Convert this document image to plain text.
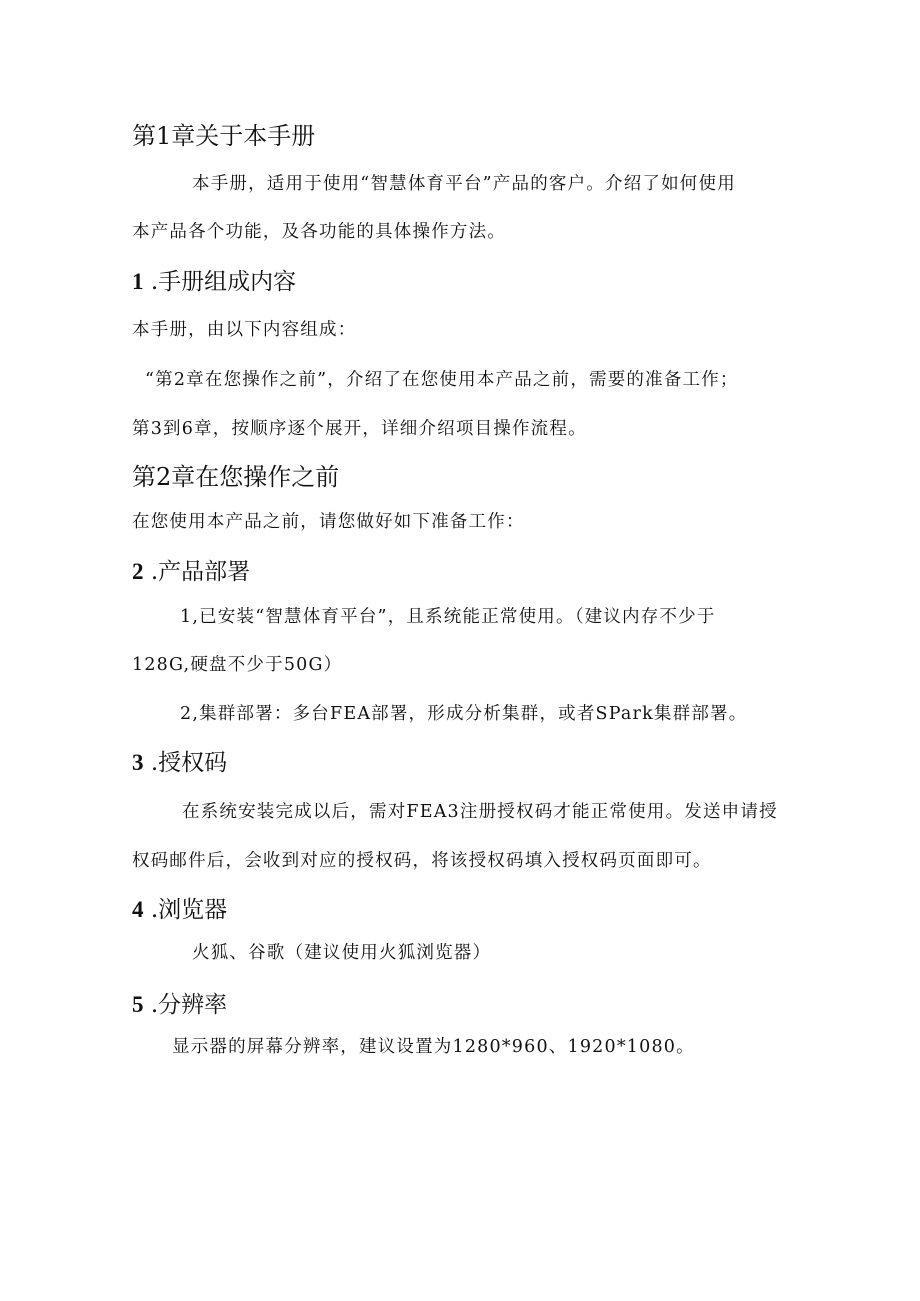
第1章关于本手册
本手册，适用于使用“智慧体育平台”产品的客户。介绍了如何使用
本产品各个功能，及各功能的具体操作方法。
1 .手册组成内容
本手册，由以下内容组成：
“第2章在您操作之前”，介绍了在您使用本产品之前，需要的准备工作；
第3到6章，按顺序逐个展开，详细介绍项目操作流程。
第2章在您操作之前
在您使用本产品之前，请您做好如下准备工作：
2 .产品部署
1,已安装“智慧体育平台”，且系统能正常使用。（建议内存不少于
128G,硬盘不少于50G）
2,集群部署：多台FEA部署，形成分析集群，或者SPark集群部署。
3 .授权码
在系统安装完成以后，需对FEA3注册授权码才能正常使用。发送申请授
权码邮件后，会收到对应的授权码，将该授权码填入授权码页面即可。
4 .浏览器
火狐、谷歌（建议使用火狐浏览器）
5 .分辨率
显示器的屏幕分辨率，建议设置为1280*960、1920*1080。
